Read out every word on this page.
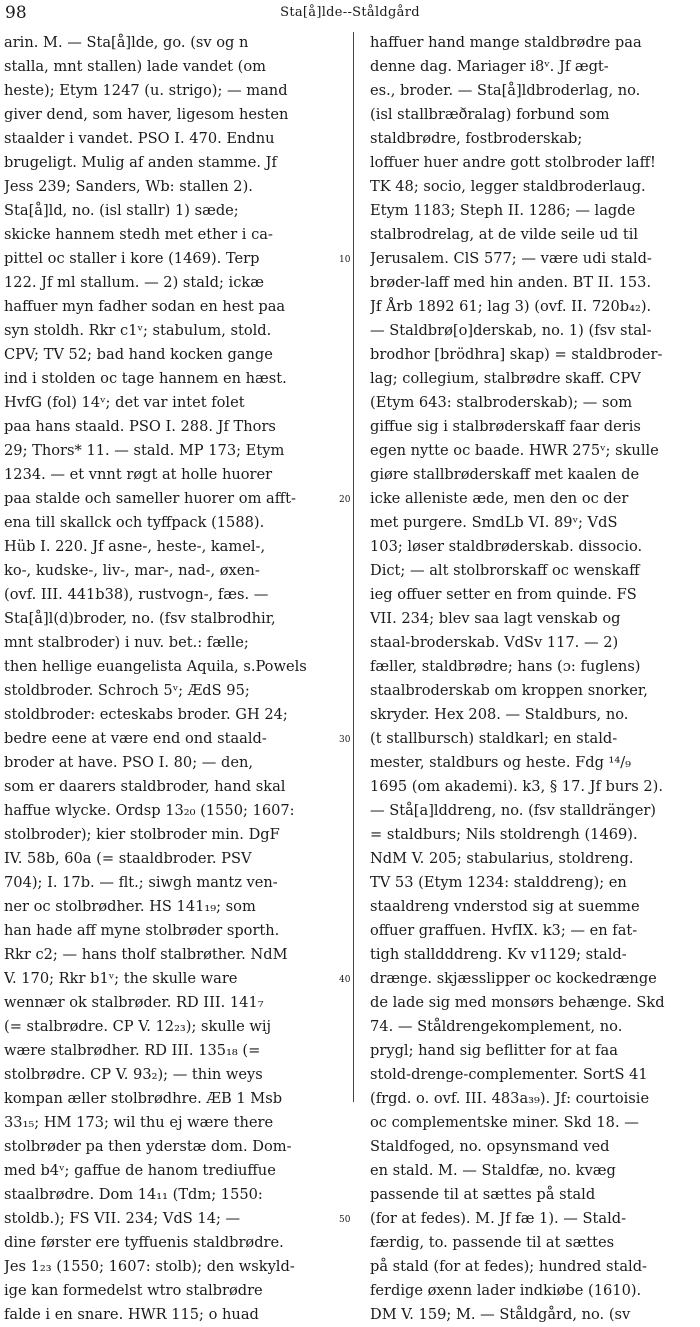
98	Sta[å]lde--Ståldgård
arin. M. — Sta[å]lde, go. (sv og n
stalla, mnt stallen) lade vandet (om
heste); Etym 1247 (u. strigo); — mand
giver dend, som haver, ligesom hesten
staalder i vandet. PSO I. 470. Endnu
brugeligt. Mulig af anden stamme. Jf
Jess 239; Sanders, Wb: stallen 2).
Sta[å]ld, no. (isl stallr) 1) sæde;
skicke hannem stedh met ether i ca-
pittel oc staller i kore (1469). Terp
122. Jf ml stallum. — 2) stald; ickæ
haffuer myn fadher sodan en hest paa
syn stoldh. Rkr c1ᵛ; stabulum, stold.
CPV; TV 52; bad hand kocken gange
ind i stolden oc tage hannem en hæst.
HvfG (fol) 14ᵛ; det var intet folet
paa hans staald. PSO I. 288. Jf Thors
29; Thors* 11. — stald. MP 173; Etym
1234. — et vnnt røgt at holle huorer
paa stalde och sameller huorer om afft-
ena till skallck och tyffpack (1588).
Hüb I. 220. Jf asne-, heste-, kamel-,
ko-, kudske-, liv-, mar-, nad-, øxen-
(ovf. III. 441b38), rustvogn-, fæs. —
Sta[å]l(d)broder, no. (fsv stalbrodhir,
mnt stalbroder) i nuv. bet.: fælle;
then hellige euangelista Aquila, s.Powels
stoldbroder. Schroch 5ᵛ; ÆdS 95;
stoldbroder: ecteskabs broder. GH 24;
bedre eene at være end ond staald-
broder at have. PSO I. 80; — den,
som er daarers staldbroder, hand skal
haffue wlycke. Ordsp 13₂₀ (1550; 1607:
stolbroder); kier stolbroder min. DgF
IV. 58b, 60a (= staaldbroder. PSV
704); I. 17b. — flt.; siwgh mantz ven-
ner oc stolbrødher. HS 141₁₉; som
han hade aff myne stolbrøder sporth.
Rkr c2; — hans tholf stalbrøther. NdM
V. 170; Rkr b1ᵛ; the skulle ware
wennær ok stalbrøder. RD III. 141₇
(= stalbrødre. CP V. 12₂₃); skulle wij
wære stalbrødher. RD III. 135₁₈ (=
stolbrødre. CP V. 93₂); — thin weys
kompan æller stolbrødhre. ÆB 1 Msb
33₁₅; HM 173; wil thu ej wære there
stolbrøder pa then yderstæ dom. Dom-
med b4ᵛ; gaffue de hanom trediuffue
staalbrødre. Dom 14₁₁ (Tdm; 1550:
stoldb.); FS VII. 234; VdS 14; —
dine førster ere tyffuenis staldbrødre.
Jes 1₂₃ (1550; 1607: stolb); den wskyld-
ige kan formedelst wtro stalbrødre
falde i en snare. HWR 115; o huad
haffuer hand mange staldbrødre paa
denne dag. Mariager i8ᵛ. Jf ægt-
es., broder. — Sta[å]ldbroderlag, no.
(isl stallbræðralag) forbund som
staldbrødre, fostbroderskab;
loffuer huer andre gott stolbroder laff!
TK 48; socio, legger staldbroderlaug.
Etym 1183; Steph II. 1286; — lagde
stalbrodrelag, at de vilde seile ud til
Jerusalem. ClS 577; — være udi stald-
brøder-laff med hin anden. BT II. 153.
Jf Årb 1892 61; lag 3) (ovf. II. 720b₄₂).
— Staldbrø[o]derskab, no. 1) (fsv stal-
brodhor [brödhra] skap) = staldbroder-
lag; collegium, stalbrødre skaff. CPV
(Etym 643: stalbroderskab); — som
giffue sig i stalbrøderskaff faar deris
egen nytte oc baade. HWR 275ᵛ; skulle
giøre stallbrøderskaff met kaalen de
icke alleniste æde, men den oc der
met purgere. SmdLb VI. 89ᵛ; VdS
103; løser staldbrøderskab. dissocio.
Dict; — alt stolbrorskaff oc wenskaff
ieg offuer setter en from quinde. FS
VII. 234; blev saa lagt venskab og
staal-broderskab. VdSv 117. — 2)
fæller, staldbrødre; hans (ɔ: fuglens)
staalbroderskab om kroppen snorker,
skryder. Hex 208. — Staldburs, no.
(t stallbursch) staldkarl; en stald-
mester, staldburs og heste. Fdg ¹⁴/₉
1695 (om akademi). k3, § 17. Jf burs 2).
— Stå[a]lddreng, no. (fsv stalldränger)
= staldburs; Nils stoldrengh (1469).
NdM V. 205; stabularius, stoldreng.
TV 53 (Etym 1234: stalddreng); en
staaldreng vnderstod sig at suemme
offuer graffuen. HvfIX. k3; — en fat-
tigh stalldddreng. Kv v1129; stald-
drænge. skjæsslipper oc kockedrænge
de lade sig med monsørs behænge. Skd
74. — Ståldrengekomplement, no.
prygl; hand sig beflitter for at faa
stold-drenge-complementer. SortS 41
(frgd. o. ovf. III. 483a₃₉). Jf: courtoisie
oc complementske miner. Skd 18. —
Staldfoged, no. opsynsmand ved
en stald. M. — Staldfæ, no. kvæg
passende til at sættes på stald
(for at fedes). M. Jf fæ 1). — Stald-
færdig, to. passende til at sættes
på stald (for at fedes); hundred stald-
ferdige øxenn lader indkiøbe (1610).
DM V. 159; M. — Ståldgård, no. (sv
10
20
30
40
50
